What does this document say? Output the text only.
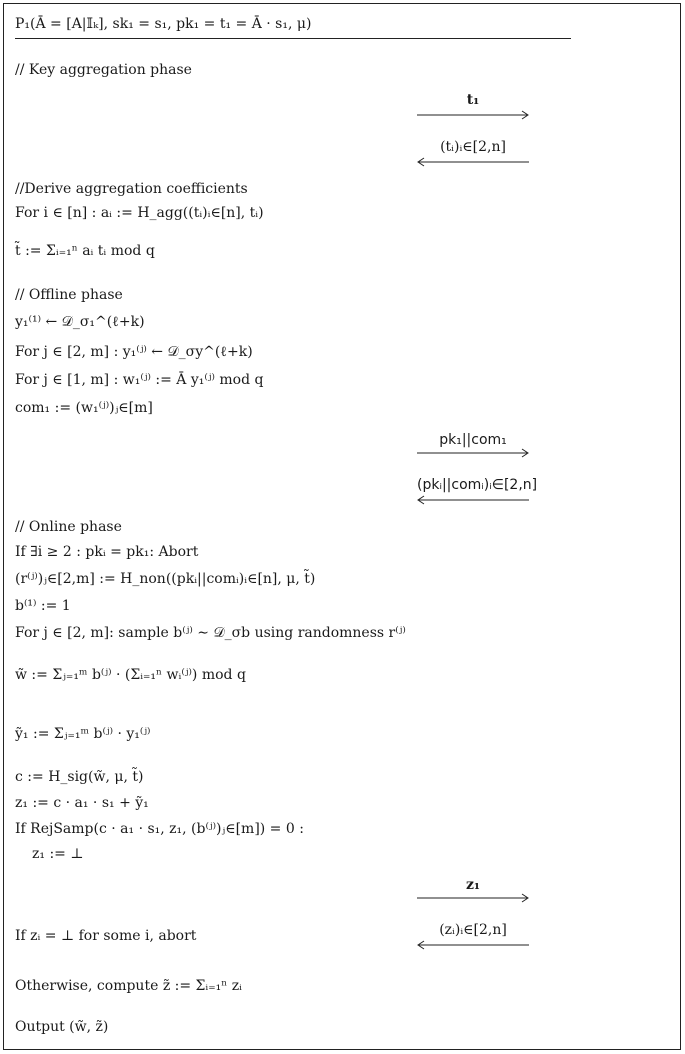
P₁(Ā = [A|𝕀ₖ], sk₁ = s₁, pk₁ = t₁ = Ā · s₁, μ)
// Key aggregation phase
t₁
(tᵢ)ᵢ∈[2,n]
//Derive aggregation coefficients
For i ∈ [n] : aᵢ := H_agg((tᵢ)ᵢ∈[n], tᵢ)
t̃ := Σᵢ₌₁ⁿ aᵢ tᵢ mod q
// Offline phase
y₁⁽¹⁾ ← 𝒟_σ₁^(ℓ+k)
For j ∈ [2, m] : y₁⁽ʲ⁾ ← 𝒟_σy^(ℓ+k)
For j ∈ [1, m] : w₁⁽ʲ⁾ := Ā y₁⁽ʲ⁾ mod q
com₁ := (w₁⁽ʲ⁾)ⱼ∈[m]
pk₁||com₁
(pkᵢ||comᵢ)ᵢ∈[2,n]
// Online phase
If ∃i ≥ 2 : pkᵢ = pk₁: Abort
(r⁽ʲ⁾)ⱼ∈[2,m] := H_non((pkᵢ||comᵢ)ᵢ∈[n], μ, t̃)
b⁽¹⁾ := 1
For j ∈ [2, m]: sample b⁽ʲ⁾ ∼ 𝒟_σb using randomness r⁽ʲ⁾
w̃ := Σⱼ₌₁ᵐ b⁽ʲ⁾ · (Σᵢ₌₁ⁿ wᵢ⁽ʲ⁾) mod q
ỹ₁ := Σⱼ₌₁ᵐ b⁽ʲ⁾ · y₁⁽ʲ⁾
c := H_sig(w̃, μ, t̃)
z₁ := c · a₁ · s₁ + ỹ₁
If RejSamp(c · a₁ · s₁, z₁, (b⁽ʲ⁾)ⱼ∈[m]) = 0 :
z₁ := ⊥
z₁
If zᵢ = ⊥ for some i, abort	(zᵢ)ᵢ∈[2,n]
Otherwise, compute z̃ := Σᵢ₌₁ⁿ zᵢ
Output (w̃, z̃)
